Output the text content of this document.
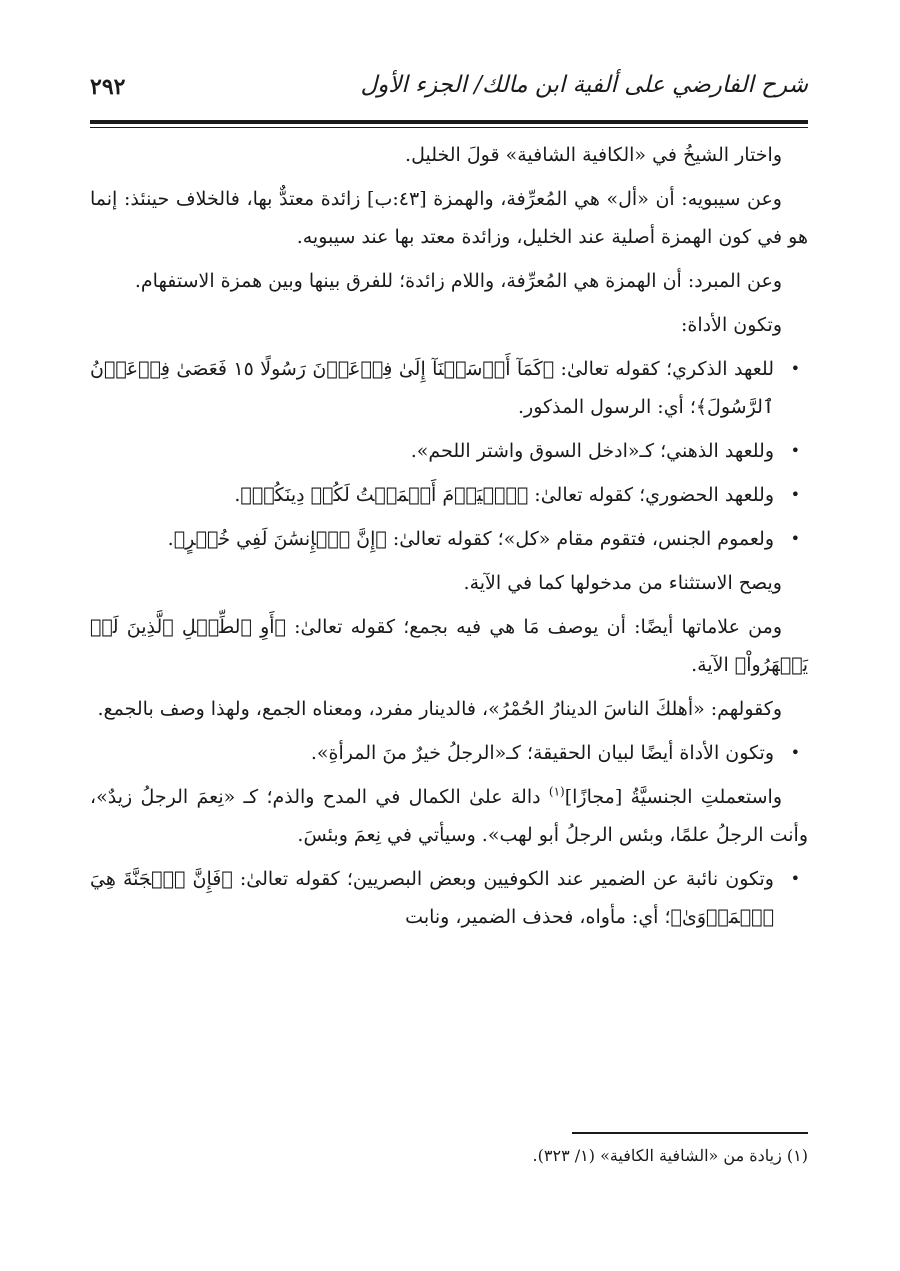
شرح الفارضي على ألفية ابن مالك/ الجزء الأول
٢٩٢

واختار الشيخُ في «الكافية الشافية» قولَ الخليل.

وعن سيبويه: أن «أل» هي المُعرِّفة، والهمزة [٤٣:ب] زائدة معتدٌّ بها، فالخلاف حينئذ: إنما هو في كون الهمزة أصلية عند الخليل، وزائدة معتد بها عند سيبويه.

وعن المبرد: أن الهمزة هي المُعرِّفة، واللام زائدة؛ للفرق بينها وبين همزة الاستفهام.

وتكون الأداة:

•
للعهد الذكري؛ كقوله تعالىٰ: ﴿كَمَآ أَرۡسَلۡنَآ إِلَىٰ فِرۡعَوۡنَ رَسُولًا ١٥ فَعَصَىٰ فِرۡعَوۡنُ ٱلرَّسُولَ﴾؛ أي: الرسول المذكور.
•
وللعهد الذهني؛ كـ«ادخل السوق واشتر اللحم».
•
وللعهد الحضوري؛ كقوله تعالىٰ: ﴿ٱلۡيَوۡمَ أَكۡمَلۡتُ لَكُمۡ دِينَكُمۡ﴾.
•
ولعموم الجنس، فتقوم مقام «كل»؛ كقوله تعالىٰ: ﴿إِنَّ ٱلۡإِنسَٰنَ لَفِي خُسۡرٍ﴾.

ويصح الاستثناء من مدخولها كما في الآية.

ومن علاماتها أيضًا: أن يوصف مَا هي فيه بجمع؛ كقوله تعالىٰ: ﴿أَوِ ٱلطِّفۡلِ ٱلَّذِينَ لَمۡ يَظۡهَرُواْ﴾ الآية.

وكقولهم: «أهلكَ الناسَ الدينارُ الحُمْرُ»، فالدينار مفرد، ومعناه الجمع، ولهذا وصف بالجمع.

•
وتكون الأداة أيضًا لبيان الحقيقة؛ كـ«الرجلُ خيرٌ منَ المرأةِ».

واستعملتِ الجنسيَّةُ [مجازًا]$^{(١)}$ دالة علىٰ الكمال في المدح والذم؛ كـ «نِعمَ الرجلُ زيدٌ»، وأنت الرجلُ علمًا، وبئس الرجلُ أبو لهب». وسيأتي في نِعمَ وبئسَ.

•
وتكون نائبة عن الضمير عند الكوفيين وبعض البصريين؛ كقوله تعالىٰ: ﴿فَإِنَّ ٱلۡجَنَّةَ هِيَ ٱلۡمَأۡوَىٰ﴾؛ أي: مأواه، فحذف الضمير، ونابت
(١) زيادة من «الشافية الكافية» (١/ ٣٢٣).
